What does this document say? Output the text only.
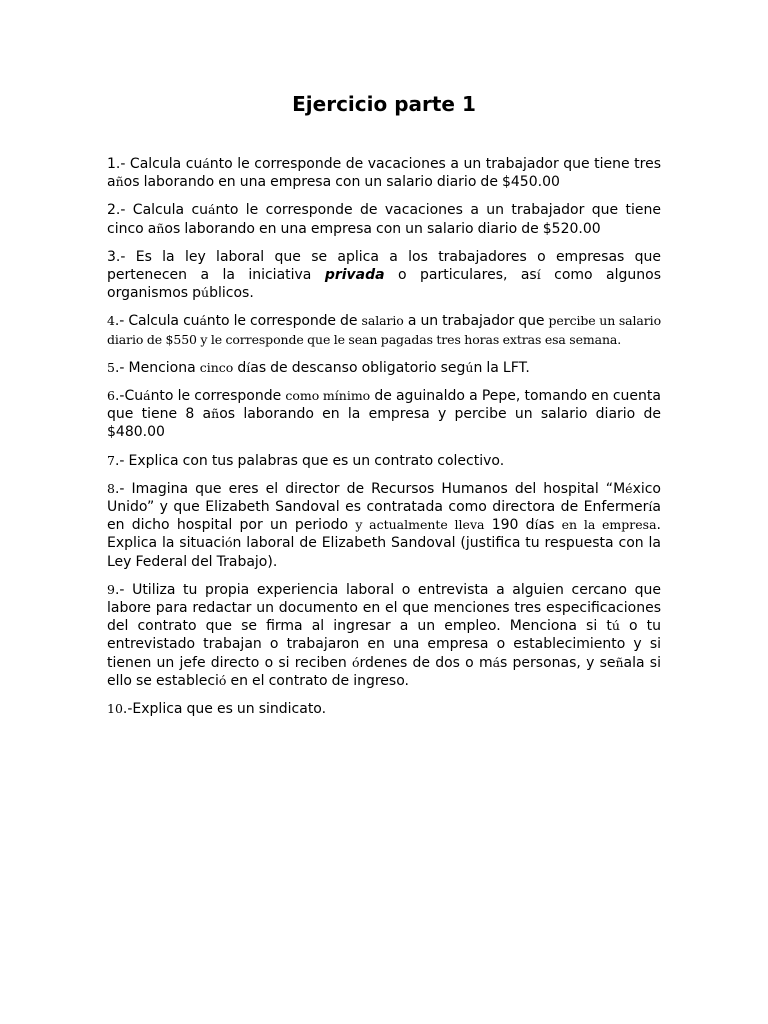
Ejercicio parte 1

1.- Calcula cuánto le corresponde de vacaciones a un trabajador que tiene tres años laborando en una empresa con un salario diario de $450.00

2.- Calcula cuánto le corresponde de vacaciones a un trabajador que tiene cinco años laborando en una empresa con un salario diario de $520.00

3.- Es la ley laboral que se aplica a los trabajadores o empresas que pertenecen a la iniciativa privada o particulares, así como algunos organismos públicos.

4.- Calcula cuánto le corresponde de salario a un trabajador que percibe un salario diario de $550 y le corresponde que le sean pagadas tres horas extras esa semana.

5.- Menciona cinco días de descanso obligatorio según la LFT.

6.-Cuánto le corresponde como mínimo de aguinaldo a Pepe, tomando en cuenta que tiene 8 años laborando en la empresa y percibe un salario diario de $480.00

7.- Explica con tus palabras que es un contrato colectivo.

8.- Imagina que eres el director de Recursos Humanos del hospital “México Unido” y que Elizabeth Sandoval es contratada como directora de Enfermería en dicho hospital por un periodo y actualmente lleva 190 días en la empresa. Explica la situación laboral de Elizabeth Sandoval (justifica tu respuesta con la Ley Federal del Trabajo).

9.- Utiliza tu propia experiencia laboral o entrevista a alguien cercano que labore para redactar un documento en el que menciones tres especificaciones del contrato que se firma al ingresar a un empleo. Menciona si tú o tu entrevistado trabajan o trabajaron en una empresa o establecimiento y si tienen un jefe directo o si reciben órdenes de dos o más personas, y señala si ello se estableció en el contrato de ingreso.

10.-Explica que es un sindicato.
